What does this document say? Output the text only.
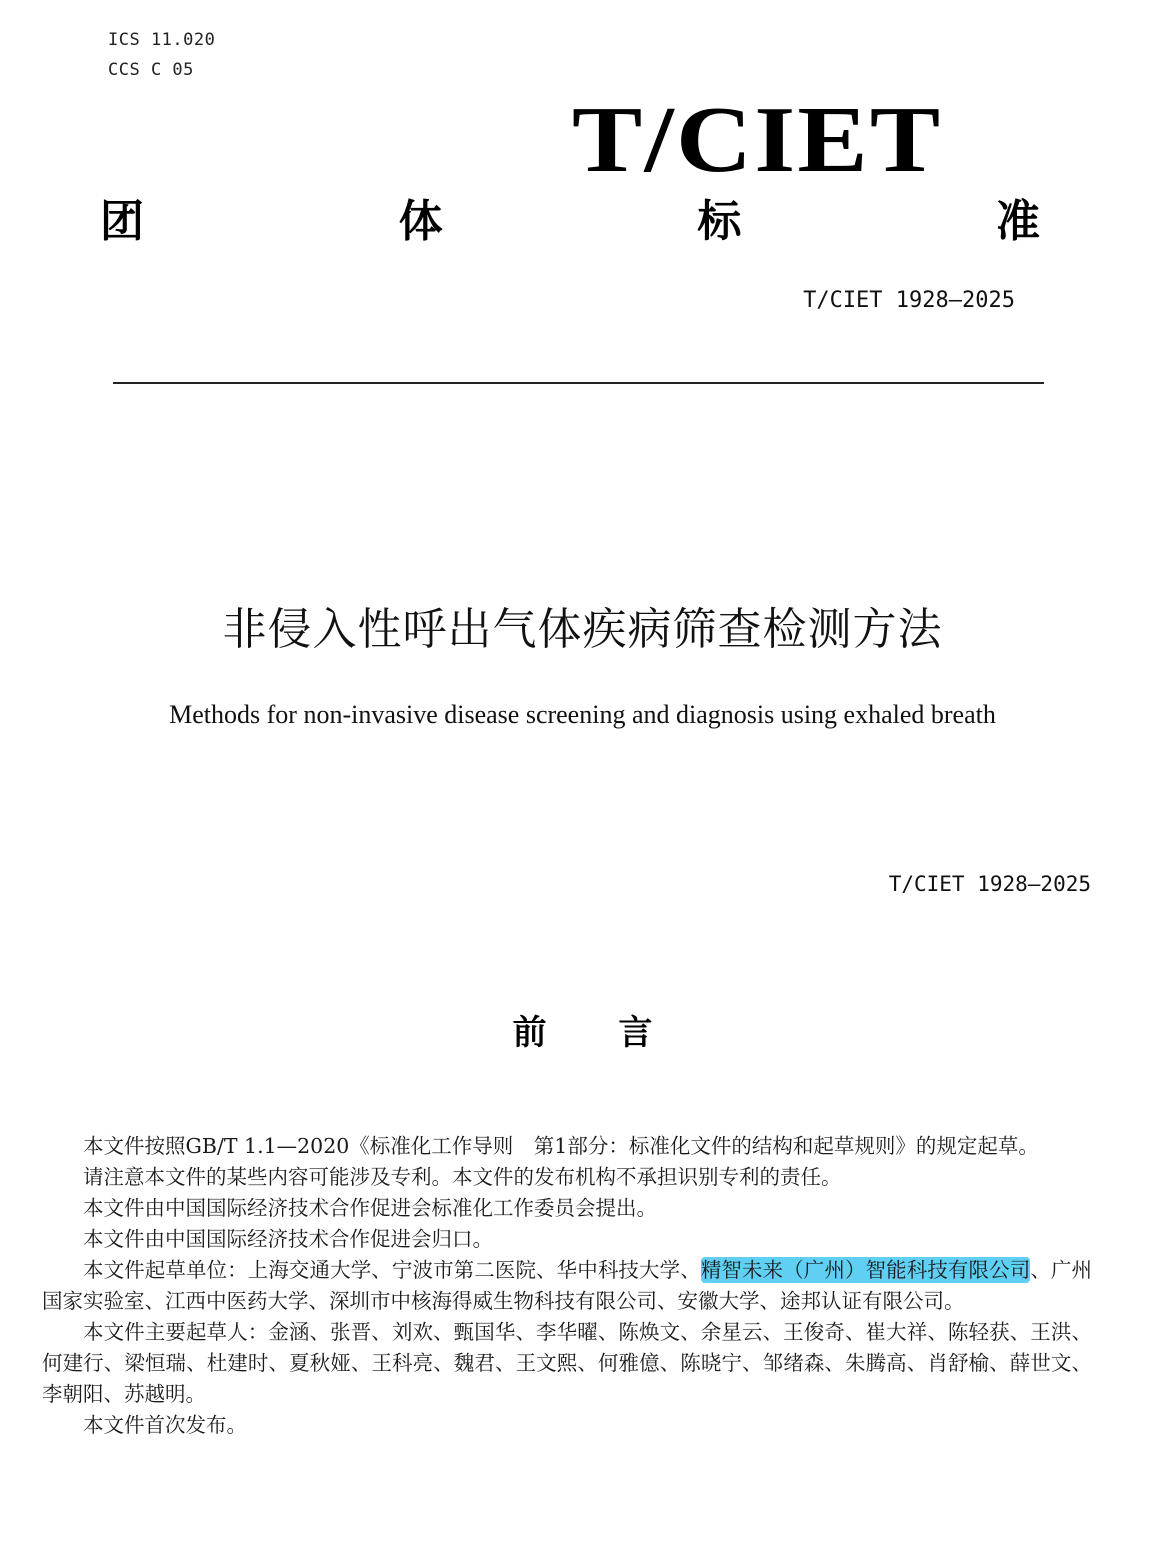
ICS 11.020
CCS C 05
T/CIET
团	体	标	准
T/CIET 1928—2025
非侵入性呼出气体疾病筛查检测方法
Methods for non-invasive disease screening and diagnosis using exhaled breath
T/CIET 1928—2025
前 言

本文件按照GB/T 1.1—2020《标准化工作导则　第1部分：标准化文件的结构和起草规则》的规定起草。

请注意本文件的某些内容可能涉及专利。本文件的发布机构不承担识别专利的责任。

本文件由中国国际经济技术合作促进会标准化工作委员会提出。

本文件由中国国际经济技术合作促进会归口。

本文件起草单位：上海交通大学、宁波市第二医院、华中科技大学、精智未来（广州）智能科技有限公司、广州国家实验室、江西中医药大学、深圳市中核海得威生物科技有限公司、安徽大学、途邦认证有限公司。

本文件主要起草人：金涵、张晋、刘欢、甄国华、李华曜、陈焕文、余星云、王俊奇、崔大祥、陈轻获、王洪、何建行、梁恒瑞、杜建时、夏秋娅、王科亮、魏君、王文熙、何雅億、陈晓宁、邹绪森、朱腾高、肖舒榆、薛世文、李朝阳、苏越明。

本文件首次发布。
